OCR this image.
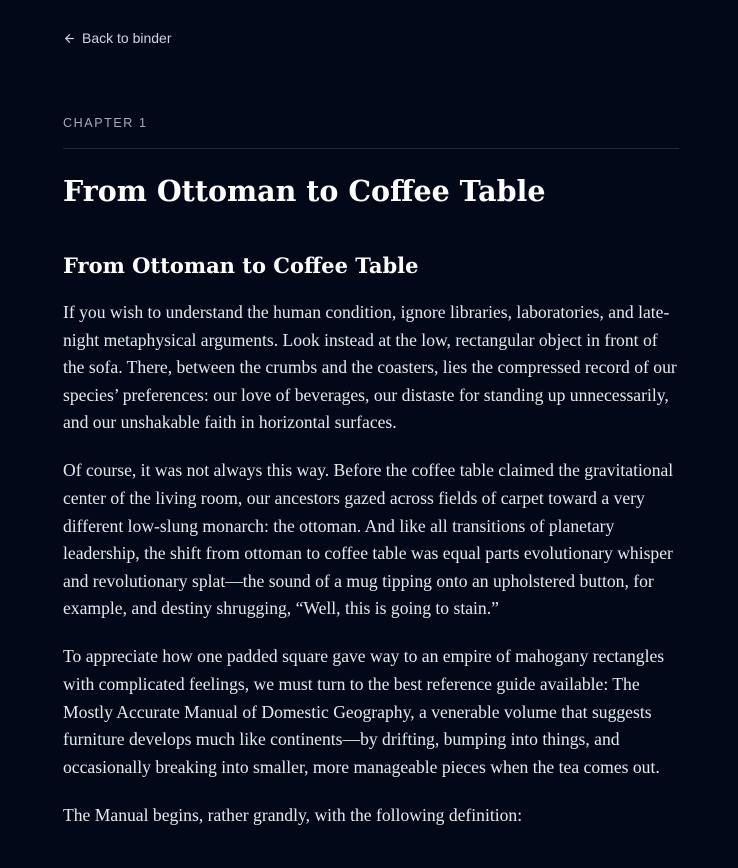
Back to binder
CHAPTER 1
From Ottoman to Coffee Table
From Ottoman to Coffee Table

If you wish to understand the human condition, ignore libraries, laboratories, and late-night metaphysical arguments. Look instead at the low, rectangular object in front of the sofa. There, between the crumbs and the coasters, lies the compressed record of our species’ preferences: our love of beverages, our distaste for standing up unnecessarily, and our unshakable faith in horizontal surfaces.

Of course, it was not always this way. Before the coffee table claimed the gravitational center of the living room, our ancestors gazed across fields of carpet toward a very different low-slung monarch: the ottoman. And like all transitions of planetary leadership, the shift from ottoman to coffee table was equal parts evolutionary whisper and revolutionary splat—the sound of a mug tipping onto an upholstered button, for example, and destiny shrugging, “Well, this is going to stain.”

To appreciate how one padded square gave way to an empire of mahogany rectangles with complicated feelings, we must turn to the best reference guide available: The Mostly Accurate Manual of Domestic Geography, a venerable volume that suggests furniture develops much like continents—by drifting, bumping into things, and occasionally breaking into smaller, more manageable pieces when the tea comes out.

The Manual begins, rather grandly, with the following definition:
